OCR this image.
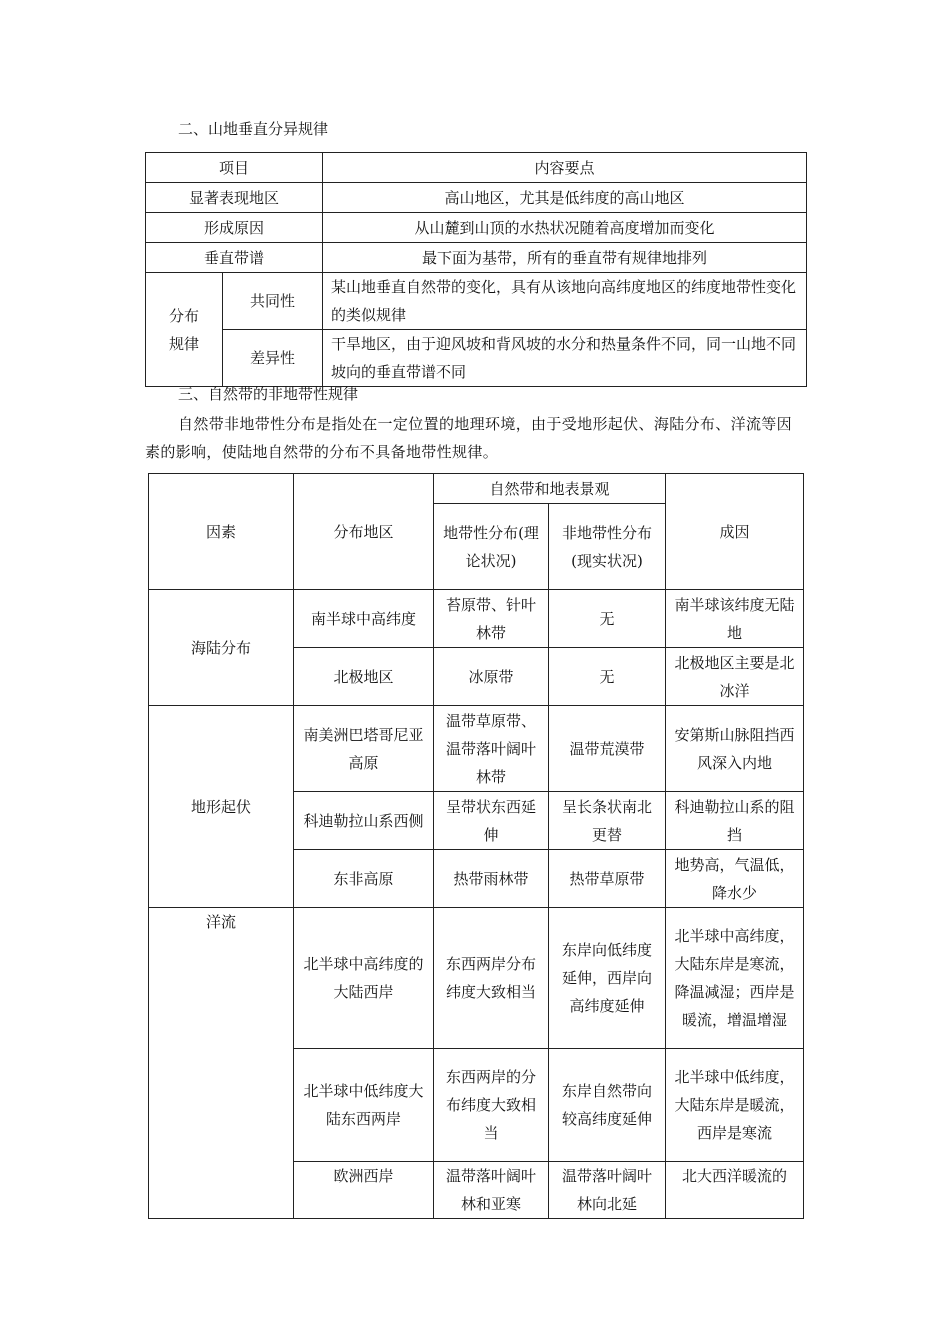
二、山地垂直分异规律
项目		内容要点
显著表现地区		高山地区，尤其是低纬度的高山地区
形成原因		从山麓到山顶的水热状况随着高度增加而变化
垂直带谱		最下面为基带，所有的垂直带有规律地排列
分布规律	共同性	某山地垂直自然带的变化，具有从该地向高纬度地区的纬度地带性变化的类似规律
	差异性	干旱地区，由于迎风坡和背风坡的水分和热量条件不同，同一山地不同坡向的垂直带谱不同
三、自然带的非地带性规律
自然带非地带性分布是指处在一定位置的地理环境，由于受地形起伏、海陆分布、洋流等因素的影响，使陆地自然带的分布不具备地带性规律。
因素	分布地区	自然带和地表景观		成因
		地带性分布(理论状况)	非地带性分布(现实状况)	
海陆分布	南半球中高纬度	苔原带、针叶林带	无	南半球该纬度无陆地
	北极地区	冰原带	无	北极地区主要是北冰洋
地形起伏	南美洲巴塔哥尼亚高原	温带草原带、温带落叶阔叶林带	温带荒漠带	安第斯山脉阻挡西风深入内地
	科迪勒拉山系西侧	呈带状东西延伸	呈长条状南北更替	科迪勒拉山系的阻挡
	东非高原	热带雨林带	热带草原带	地势高，气温低，降水少
洋流	北半球中高纬度的大陆西岸	东西两岸分布纬度大致相当	东岸向低纬度延伸，西岸向高纬度延伸	北半球中高纬度，大陆东岸是寒流，降温减湿；西岸是暖流，增温增湿
	北半球中低纬度大陆东西两岸	东西两岸的分布纬度大致相当	东岸自然带向较高纬度延伸	北半球中低纬度，大陆东岸是暖流，西岸是寒流
	欧洲西岸	温带落叶阔叶林和亚寒	温带落叶阔叶林向北延	北大西洋暖流的
